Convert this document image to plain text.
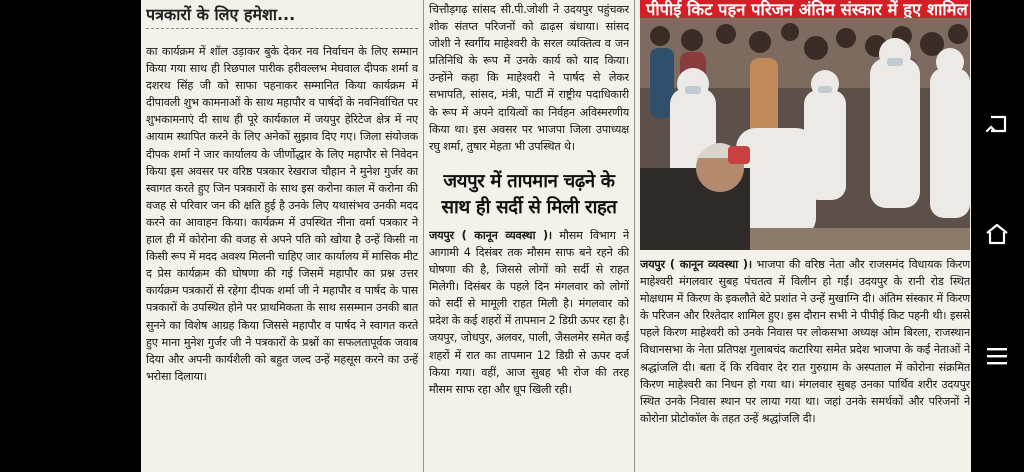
पत्रकारों के लिए हमेशा...

का कार्यक्रम में शॉल उड़ाकर बुके देकर नव निर्वाचन के लिए सम्मान किया गया साथ ही रिछपाल पारीक हरीवल्लभ मेघवाल दीपक शर्मा व दशरथ सिंह जी को साफा पहनाकर सम्मानित किया कार्यक्रम में दीपावली शुभ कामनाओं के साथ महापौर व पार्षदों के नवनिर्वाचित पर शुभकामनाएं दी साथ ही पूरे कार्यकाल में जयपुर हेरिटेज क्षेत्र में नए आयाम स्थापित करने के लिए अनेकों सुझाव दिए गए। जिला संयोजक दीपक शर्मा ने जार कार्यालय के जीर्णोद्धार के लिए महापौर से निवेदन किया इस अवसर पर वरिष्ठ पत्रकार रेखराज चौहान ने मुनेश गुर्जर का स्वागत करते हुए जिन पत्रकारों के साथ इस करोना काल में करोना की वजह से परिवार जन की क्षति हुई है उनके लिए यथासंभव उनकी मदद करने का आवाहन किया। कार्यक्रम में उपस्थित नीना वर्मा पत्रकार ने हाल ही में कोरोना की वजह से अपने पति को खोया है उन्हें किसी ना किसी रूप में मदद अवश्य मिलनी चाहिए जार कार्यालय में मासिक मीट द प्रेस कार्यक्रम की घोषणा की गई जिसमें महापौर का प्रश्न उत्तर कार्यक्रम पत्रकारों से रहेगा दीपक शर्मा जी ने महापौर व पार्षद के पास पत्रकारों के उपस्थित होने पर प्राथमिकता के साथ ससम्मान उनकी बात सुनने का विशेष आग्रह किया जिससे महापौर व पार्षद ने स्वागत करते हुए माना मुनेश गुर्जर जी ने पत्रकारों के प्रश्नों का सफलतापूर्वक जवाब दिया और अपनी कार्यशैली को बहुत जल्द उन्हें महसूस करने का उन्हें भरोसा दिलाया।

चित्तौड़गढ़ सांसद सी.पी.जोशी ने उदयपुर पहुंचकर शोक संतप्त परिजनों को ढाढ़स बंधाया। सांसद जोशी ने स्वर्गीय माहेश्वरी के सरल व्यक्तित्व व जन प्रतिनिधि के रूप में उनके कार्य को याद किया। उन्होंने कहा कि माहेश्वरी ने पार्षद से लेकर सभापति, सांसद, मंत्री, पार्टी में राष्ट्रीय पदाधिकारी के रूप में अपने दायित्वों का निर्वहन अविस्मरणीय किया था। इस अवसर पर भाजपा जिला उपाध्यक्ष रघु शर्मा, तुषार मेहता भी उपस्थित थे।

जयपुर में तापमान चढ़ने के साथ ही सर्दी से मिली राहत

जयपुर ( कानून व्यवस्था )। मौसम विभाग ने आगामी 4 दिसंबर तक मौसम साफ बने रहने की घोषणा की है, जिससे लोगों को सर्दी से राहत मिलेगी। दिसंबर के पहले दिन मंगलवार को लोगों को सर्दी से मामूली राहत मिली है। मंगलवार को प्रदेश के कई शहरों में तापमान 2 डिग्री ऊपर रहा है। जयपुर, जोधपुर, अलवर, पाली, जैसलमेर समेत कई शहरों में रात का तापमान 12 डिग्री से ऊपर दर्ज किया गया। वहीं, आज सुबह भी रोज की तरह मौसम साफ रहा और धूप खिली रही।

पीपीई किट पहन परिजन अंतिम संस्कार में हुए शामिल

जयपुर ( कानून व्यवस्था )। भाजपा की वरिष्ठ नेता और राजसमंद विधायक किरण माहेश्वरी मंगलवार सुबह पंचतत्व में विलीन हो गईं। उदयपुर के रानी रोड स्थित मोक्षधाम में किरण के इकलौते बेटे प्रशांत ने उन्हें मुखाग्नि दी। अंतिम संस्कार में किरण के परिजन और रिश्तेदार शामिल हुए। इस दौरान सभी ने पीपीई किट पहनी थी। इससे पहले किरण माहेश्वरी को उनके निवास पर लोकसभा अध्यक्ष ओम बिरला, राजस्थान विधानसभा के नेता प्रतिपक्ष गुलाबचंद कटारिया समेत प्रदेश भाजपा के कई नेताओं ने श्रद्धांजलि दी। बता दें कि रविवार देर रात गुरुग्राम के अस्पताल में कोरोना संक्रमित किरण माहेश्वरी का निधन हो गया था। मंगलवार सुबह उनका पार्थिव शरीर उदयपुर स्थित उनके निवास स्थान पर लाया गया था। जहां उनके समर्थकों और परिजनों ने कोरोना प्रोटोकॉल के तहत उन्हें श्रद्धांजलि दी।
